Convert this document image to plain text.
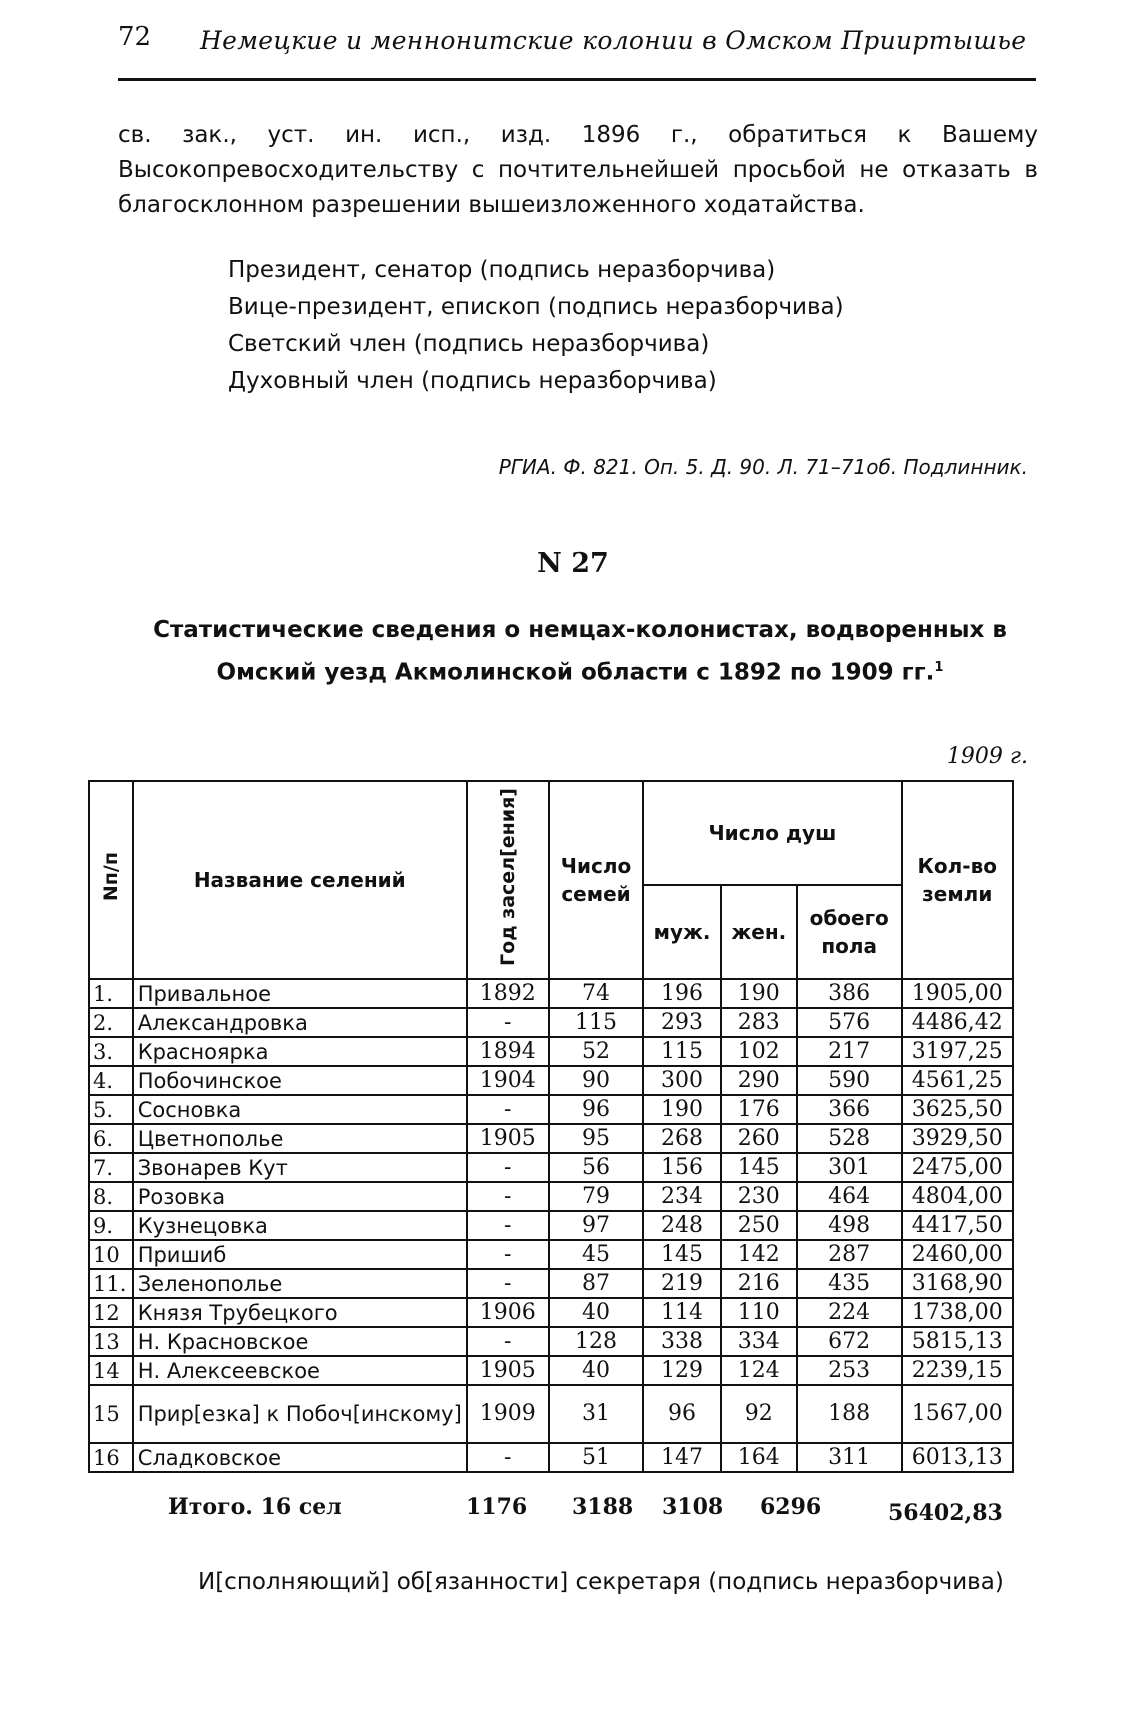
72 Немецкие и меннонитские колонии в Омском Прииртышье
св. зак., уст. ин. исп., изд. 1896 г., обратиться к Вашему Высокопревосходительству с почтительнейшей просьбой не отказать в благосклонном разрешении вышеизложенного ходатайства.
Президент, сенатор (подпись неразборчива)
Вице-президент, епископ (подпись неразборчива)
Светский член (подпись неразборчива)
Духовный член (подпись неразборчива)
РГИА. Ф. 821. Оп. 5. Д. 90. Л. 71–71об. Подлинник.
N 27
Статистические сведения о немцах-колонистах, водворенных в Омский уезд Акмолинской области с 1892 по 1909 гг.$^1$
1909 г.
Nп/п	Название селений	Год засел[ения]	Число семей	Число душ			Кол-во земли
				муж.	жен.	обоего пола	
1.	Привальное	1892	74	196	190	386	1905,00
2.	Александровка	-	115	293	283	576	4486,42
3.	Красноярка	1894	52	115	102	217	3197,25
4.	Побочинское	1904	90	300	290	590	4561,25
5.	Сосновка	-	96	190	176	366	3625,50
6.	Цветнополье	1905	95	268	260	528	3929,50
7.	Звонарев Кут	-	56	156	145	301	2475,00
8.	Розовка	-	79	234	230	464	4804,00
9.	Кузнецовка	-	97	248	250	498	4417,50
10	Пришиб	-	45	145	142	287	2460,00
11.	Зеленополье	-	87	219	216	435	3168,90
12	Князя Трубецкого	1906	40	114	110	224	1738,00
13	Н. Красновское	-	128	338	334	672	5815,13
14	Н. Алексеевское	1905	40	129	124	253	2239,15
15	Прир[езка] к Побоч[инскому]	1909	31	96	92	188	1567,00
16	Сладковское	-	51	147	164	311	6013,13
Итого. 16 сел	1176 3188 3108 6296	56402,83
И[сполняющий] об[язанности] секретаря (подпись неразборчива)
